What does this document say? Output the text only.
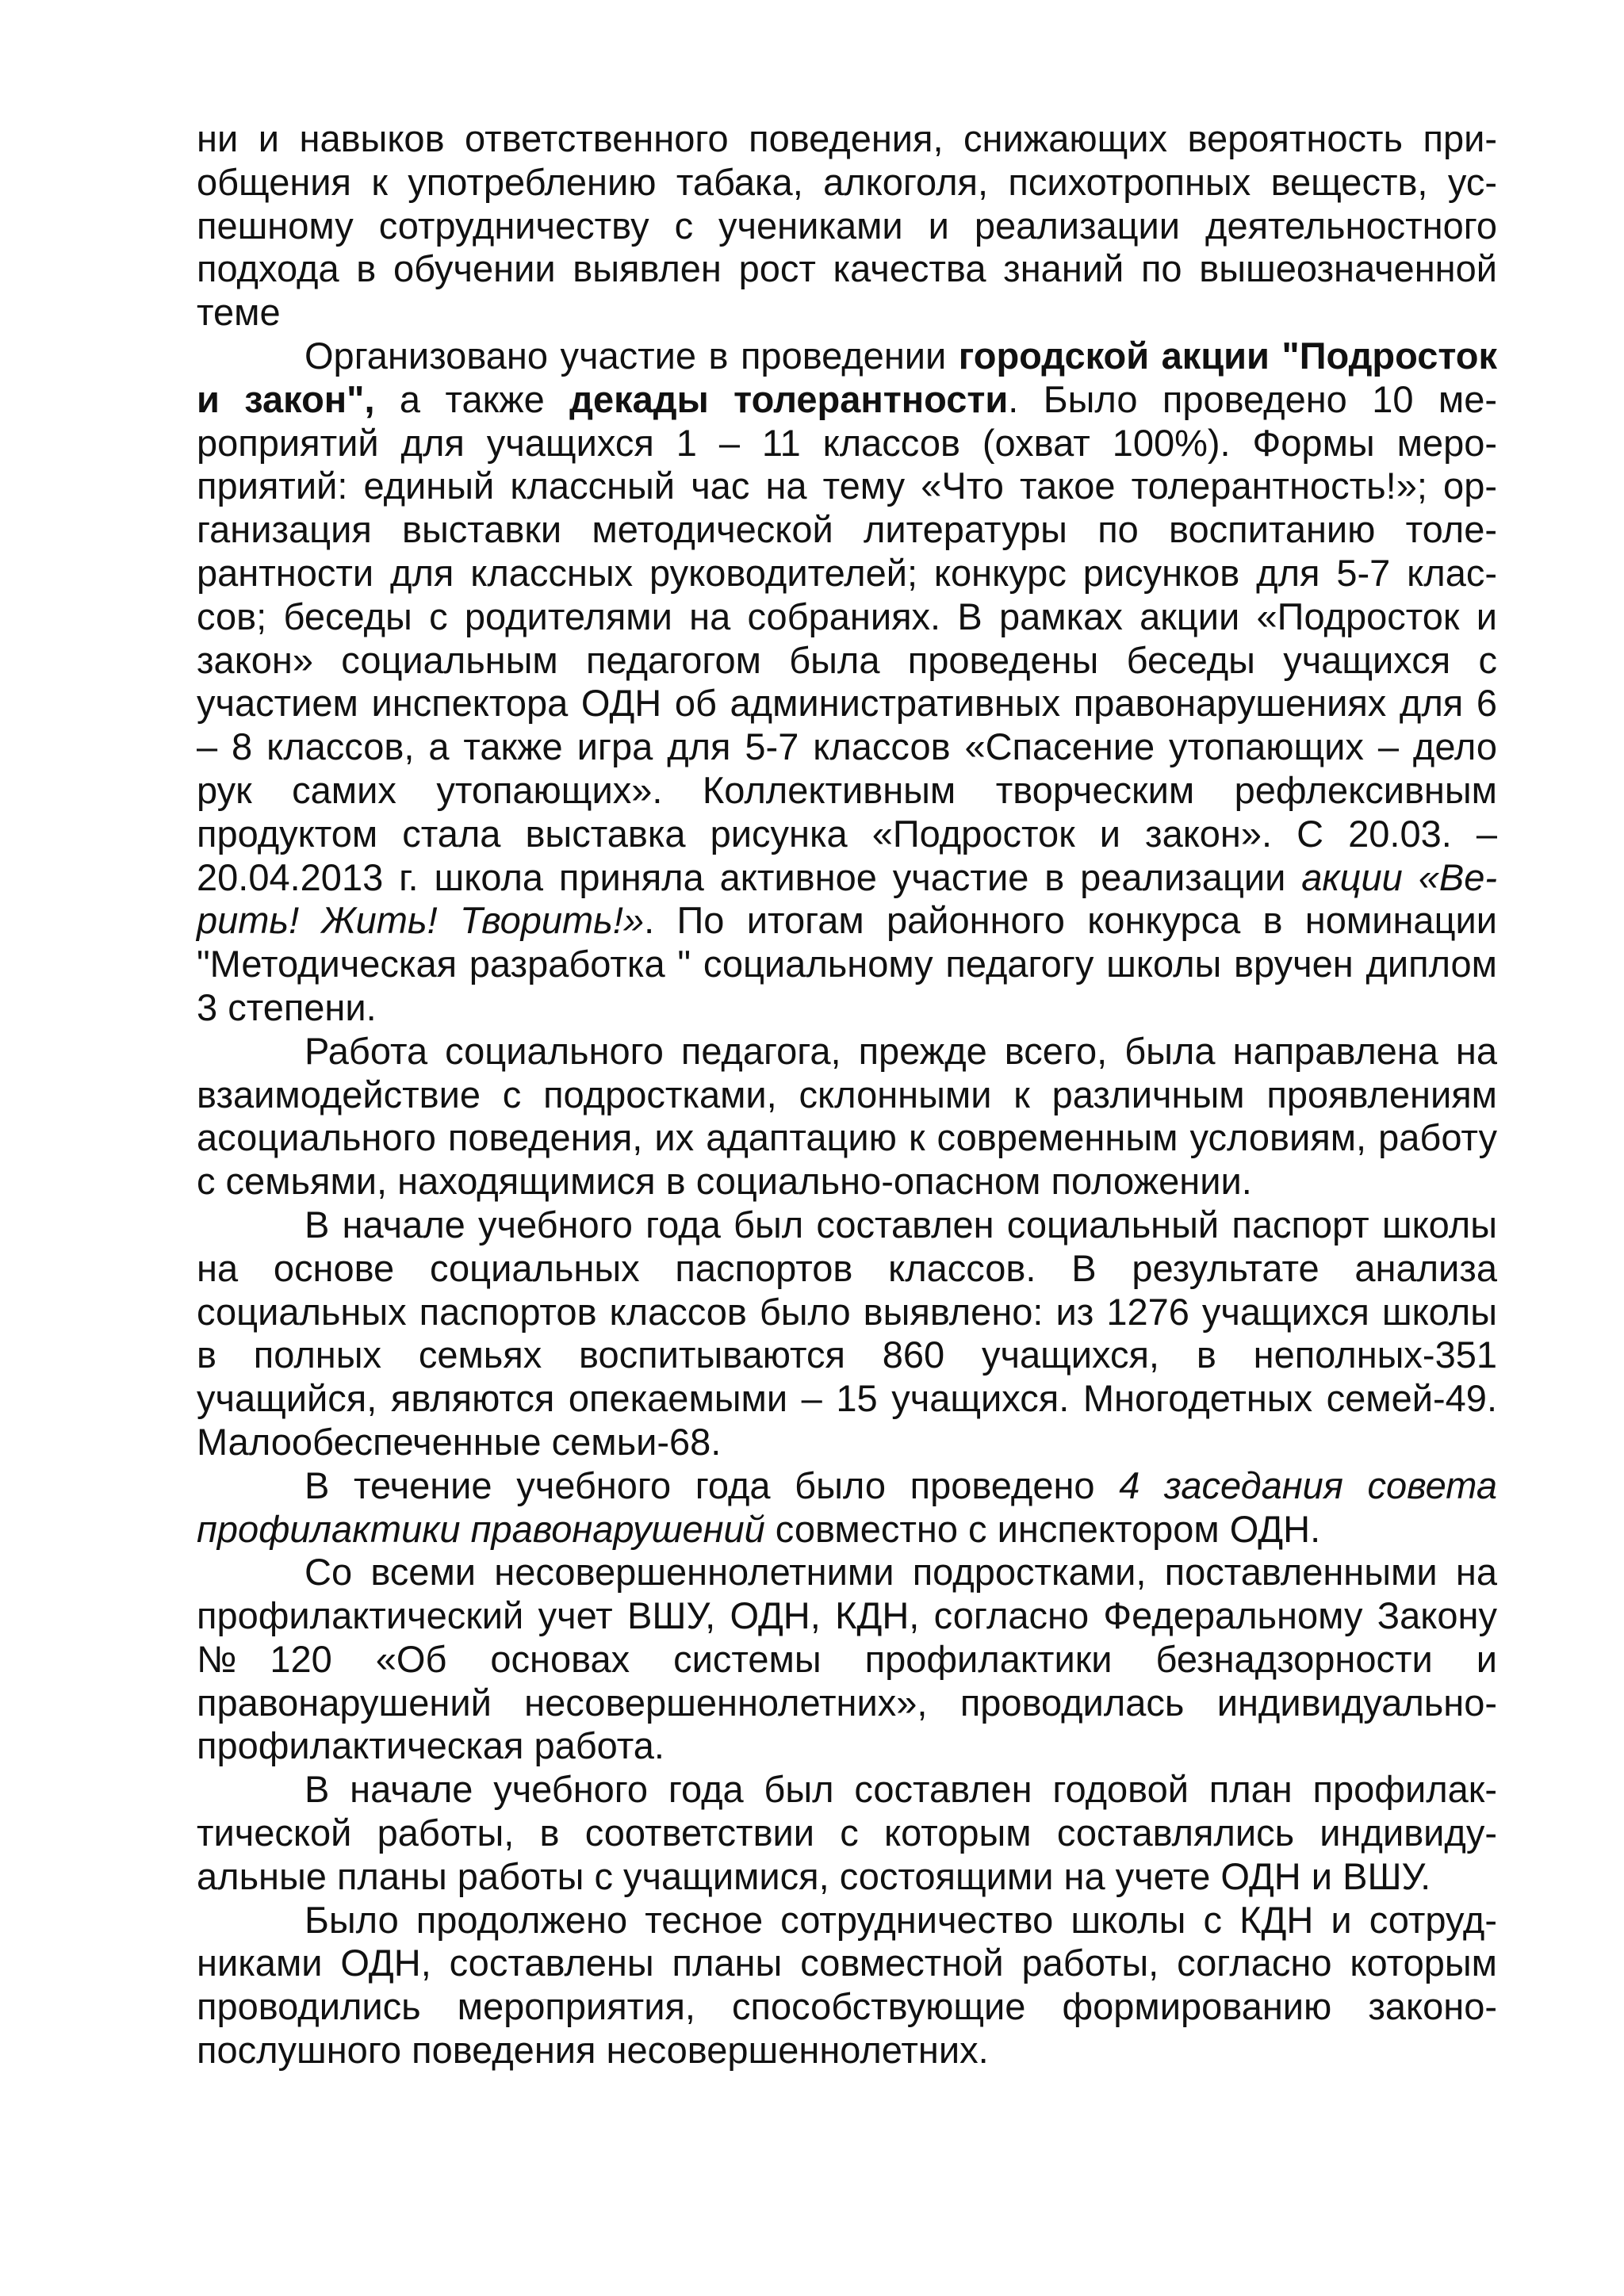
ни и навыков ответственного поведения, снижающих вероятность приобщения к употреблению табака, алкоголя, психотропных веществ, успешному сотрудничеству с учениками и реализации деятельностного подхода в обучении выявлен рост качества знаний по вышеозначенной теме

Организовано участие в проведении городской акции "Подросток и закон", а также декады толерантности. Было проведено 10 мероприятий для учащихся 1 – 11 классов (охват 100%). Формы мероприятий: единый классный час на тему «Что такое толерантность!»; организация выставки методической литературы по воспитанию толерантности для классных руководителей; конкурс рисунков для 5-7 классов; беседы с родителями на собраниях. В рамках акции «Подросток и закон» социальным педагогом была проведены беседы учащихся с участием инспектора ОДН об административных правонарушениях для 6 – 8 классов, а также игра для 5-7 классов «Спасение утопающих – дело рук самих утопающих». Коллективным творческим рефлексивным продуктом стала выставка рисунка «Подросток и закон». С 20.03. – 20.04.2013 г. школа приняла активное участие в реализации акции «Верить! Жить! Творить!». По итогам районного конкурса в номинации "Методическая разработка " социальному педагогу школы вручен диплом 3 степени.

Работа социального педагога, прежде всего, была направлена на взаимодействие с подростками, склонными к различным проявлениям асоциального поведения, их адаптацию к современным условиям, работу с семьями, находящимися в социально-опасном положении.

В начале учебного года был составлен социальный паспорт школы на основе социальных паспортов классов. В результате анализа социальных паспортов классов было выявлено: из 1276 учащихся школы в полных семьях воспитываются 860 учащихся, в неполных-351 учащийся, являются опекаемыми – 15 учащихся. Многодетных семей-49. Малообеспеченные семьи-68.

В течение учебного года было проведено 4 заседания совета профилактики правонарушений совместно с инспектором ОДН.

Со всеми несовершеннолетними подростками, поставленными на профилактический учет ВШУ, ОДН, КДН, согласно Федеральному Закону №120 «Об основах системы профилактики безнадзорности и правонарушений несовершеннолетних», проводилась индивидуально-профилактическая работа.

В начале учебного года был составлен годовой план профилактической работы, в соответствии с которым составлялись индивидуальные планы работы с учащимися, состоящими на учете ОДН и ВШУ.

Было продолжено тесное сотрудничество школы с КДН и сотрудниками ОДН, составлены планы совместной работы, согласно которым проводились мероприятия, способствующие формированию законопослушного поведения несовершеннолетних.
